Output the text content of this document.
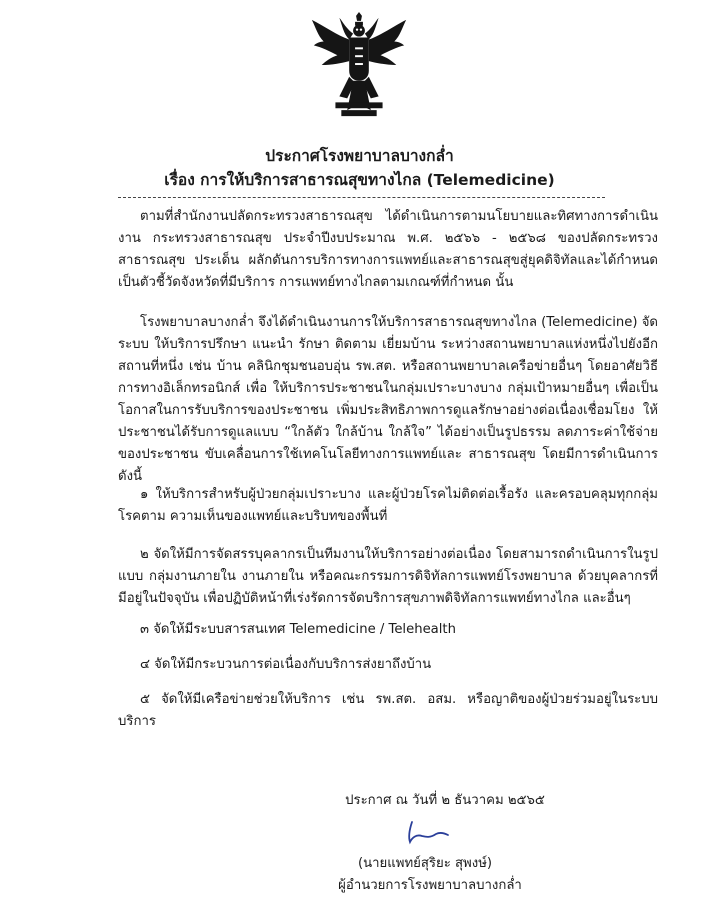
ประกาศโรงพยาบาลบางกล่ำ
เรื่อง การให้บริการสาธารณสุขทางไกล (Telemedicine)

ตามที่สำนักงานปลัดกระทรวงสาธารณสุข ได้ดำเนินการตามนโยบายและทิศทางการดำเนินงาน กระทรวงสาธารณสุข ประจำปีงบประมาณ พ.ศ. ๒๕๖๖ - ๒๕๖๘ ของปลัดกระทรวงสาธารณสุข ประเด็น ผลักดันการบริการทางการแพทย์และสาธารณสุขสู่ยุคดิจิทัลและได้กำหนดเป็นตัวชี้วัดจังหวัดที่มีบริการ การแพทย์ทางไกลตามเกณฑ์ที่กำหนด นั้น

โรงพยาบาลบางกล่ำ จึงได้ดำเนินงานการให้บริการสาธารณสุขทางไกล (Telemedicine) จัดระบบ ให้บริการปรึกษา แนะนำ รักษา ติดตาม เยี่ยมบ้าน ระหว่างสถานพยาบาลแห่งหนึ่งไปยังอีกสถานที่หนึ่ง เช่น บ้าน คลินิกชุมชนอบอุ่น รพ.สต. หรือสถานพยาบาลเครือข่ายอื่นๆ โดยอาศัยวิธีการทางอิเล็กทรอนิกส์ เพื่อ ให้บริการประชาชนในกลุ่มเปราะบางบาง กลุ่มเป้าหมายอื่นๆ เพื่อเป็นโอกาสในการรับบริการของประชาชน เพิ่มประสิทธิภาพการดูแลรักษาอย่างต่อเนื่องเชื่อมโยง ให้ประชาชนได้รับการดูแลแบบ “ใกล้ตัว ใกล้บ้าน ใกล้ใจ” ได้อย่างเป็นรูปธรรม ลดภาระค่าใช้จ่ายของประชาชน ขับเคลื่อนการใช้เทคโนโลยีทางการแพทย์และ สาธารณสุข โดยมีการดำเนินการ ดังนี้

๑ ให้บริการสำหรับผู้ป่วยกลุ่มเปราะบาง และผู้ป่วยโรคไม่ติดต่อเรื้อรัง และครอบคลุมทุกกลุ่มโรคตาม ความเห็นของแพทย์และบริบทของพื้นที่

๒ จัดให้มีการจัดสรรบุคลากรเป็นทีมงานให้บริการอย่างต่อเนื่อง โดยสามารถดำเนินการในรูปแบบ กลุ่มงานภายใน งานภายใน หรือคณะกรรมการดิจิทัลการแพทย์โรงพยาบาล ด้วยบุคลากรที่มีอยู่ในปัจจุบัน เพื่อปฏิบัติหน้าที่เร่งรัดการจัดบริการสุขภาพดิจิทัลการแพทย์ทางไกล และอื่นๆ

๓ จัดให้มีระบบสารสนเทศ Telemedicine / Telehealth

๔ จัดให้มีกระบวนการต่อเนื่องกับบริการส่งยาถึงบ้าน

๕ จัดให้มีเครือข่ายช่วยให้บริการ เช่น รพ.สต. อสม. หรือญาติของผู้ป่วยร่วมอยู่ในระบบบริการ

ประกาศ ณ วันที่ ๒ ธันวาคม ๒๕๖๕
(นายแพทย์สุริยะ สุพงษ์)
ผู้อำนวยการโรงพยาบาลบางกล่ำ
